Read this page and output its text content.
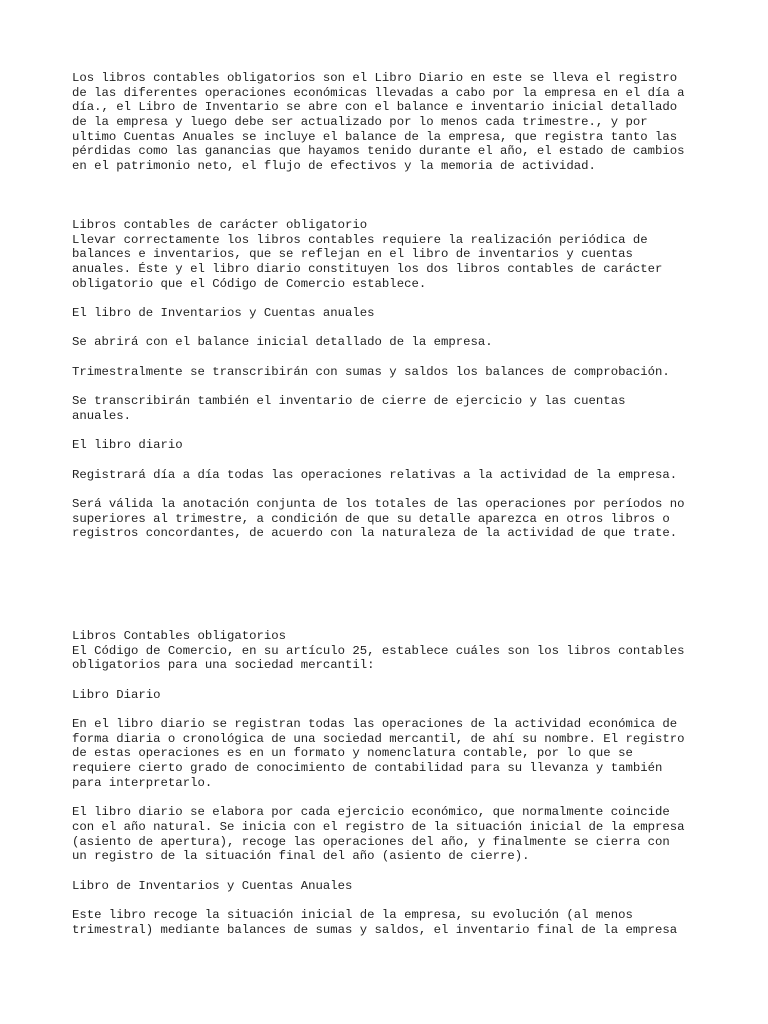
Los libros contables obligatorios son el Libro Diario en este se lleva el registro
de las diferentes operaciones económicas llevadas a cabo por la empresa en el día a
día., el Libro de Inventario se abre con el balance e inventario inicial detallado
de la empresa y luego debe ser actualizado por lo menos cada trimestre., y por
ultimo Cuentas Anuales se incluye el balance de la empresa, que registra tanto las
pérdidas como las ganancias que hayamos tenido durante el año, el estado de cambios
en el patrimonio neto, el flujo de efectivos y la memoria de actividad.
Libros contables de carácter obligatorio
Llevar correctamente los libros contables requiere la realización periódica de
balances e inventarios, que se reflejan en el libro de inventarios y cuentas
anuales. Éste y el libro diario constituyen los dos libros contables de carácter
obligatorio que el Código de Comercio establece.
El libro de Inventarios y Cuentas anuales
Se abrirá con el balance inicial detallado de la empresa.
Trimestralmente se transcribirán con sumas y saldos los balances de comprobación.
Se transcribirán también el inventario de cierre de ejercicio y las cuentas
anuales.
El libro diario
Registrará día a día todas las operaciones relativas a la actividad de la empresa.
Será válida la anotación conjunta de los totales de las operaciones por períodos no
superiores al trimestre, a condición de que su detalle aparezca en otros libros o
registros concordantes, de acuerdo con la naturaleza de la actividad de que trate.
Libros Contables obligatorios
El Código de Comercio, en su artículo 25, establece cuáles son los libros contables
obligatorios para una sociedad mercantil:
Libro Diario
En el libro diario se registran todas las operaciones de la actividad económica de
forma diaria o cronológica de una sociedad mercantil, de ahí su nombre. El registro
de estas operaciones es en un formato y nomenclatura contable, por lo que se
requiere cierto grado de conocimiento de contabilidad para su llevanza y también
para interpretarlo.
El libro diario se elabora por cada ejercicio económico, que normalmente coincide
con el año natural. Se inicia con el registro de la situación inicial de la empresa
(asiento de apertura), recoge las operaciones del año, y finalmente se cierra con
un registro de la situación final del año (asiento de cierre).
Libro de Inventarios y Cuentas Anuales
Este libro recoge la situación inicial de la empresa, su evolución (al menos
trimestral) mediante balances de sumas y saldos, el inventario final de la empresa
